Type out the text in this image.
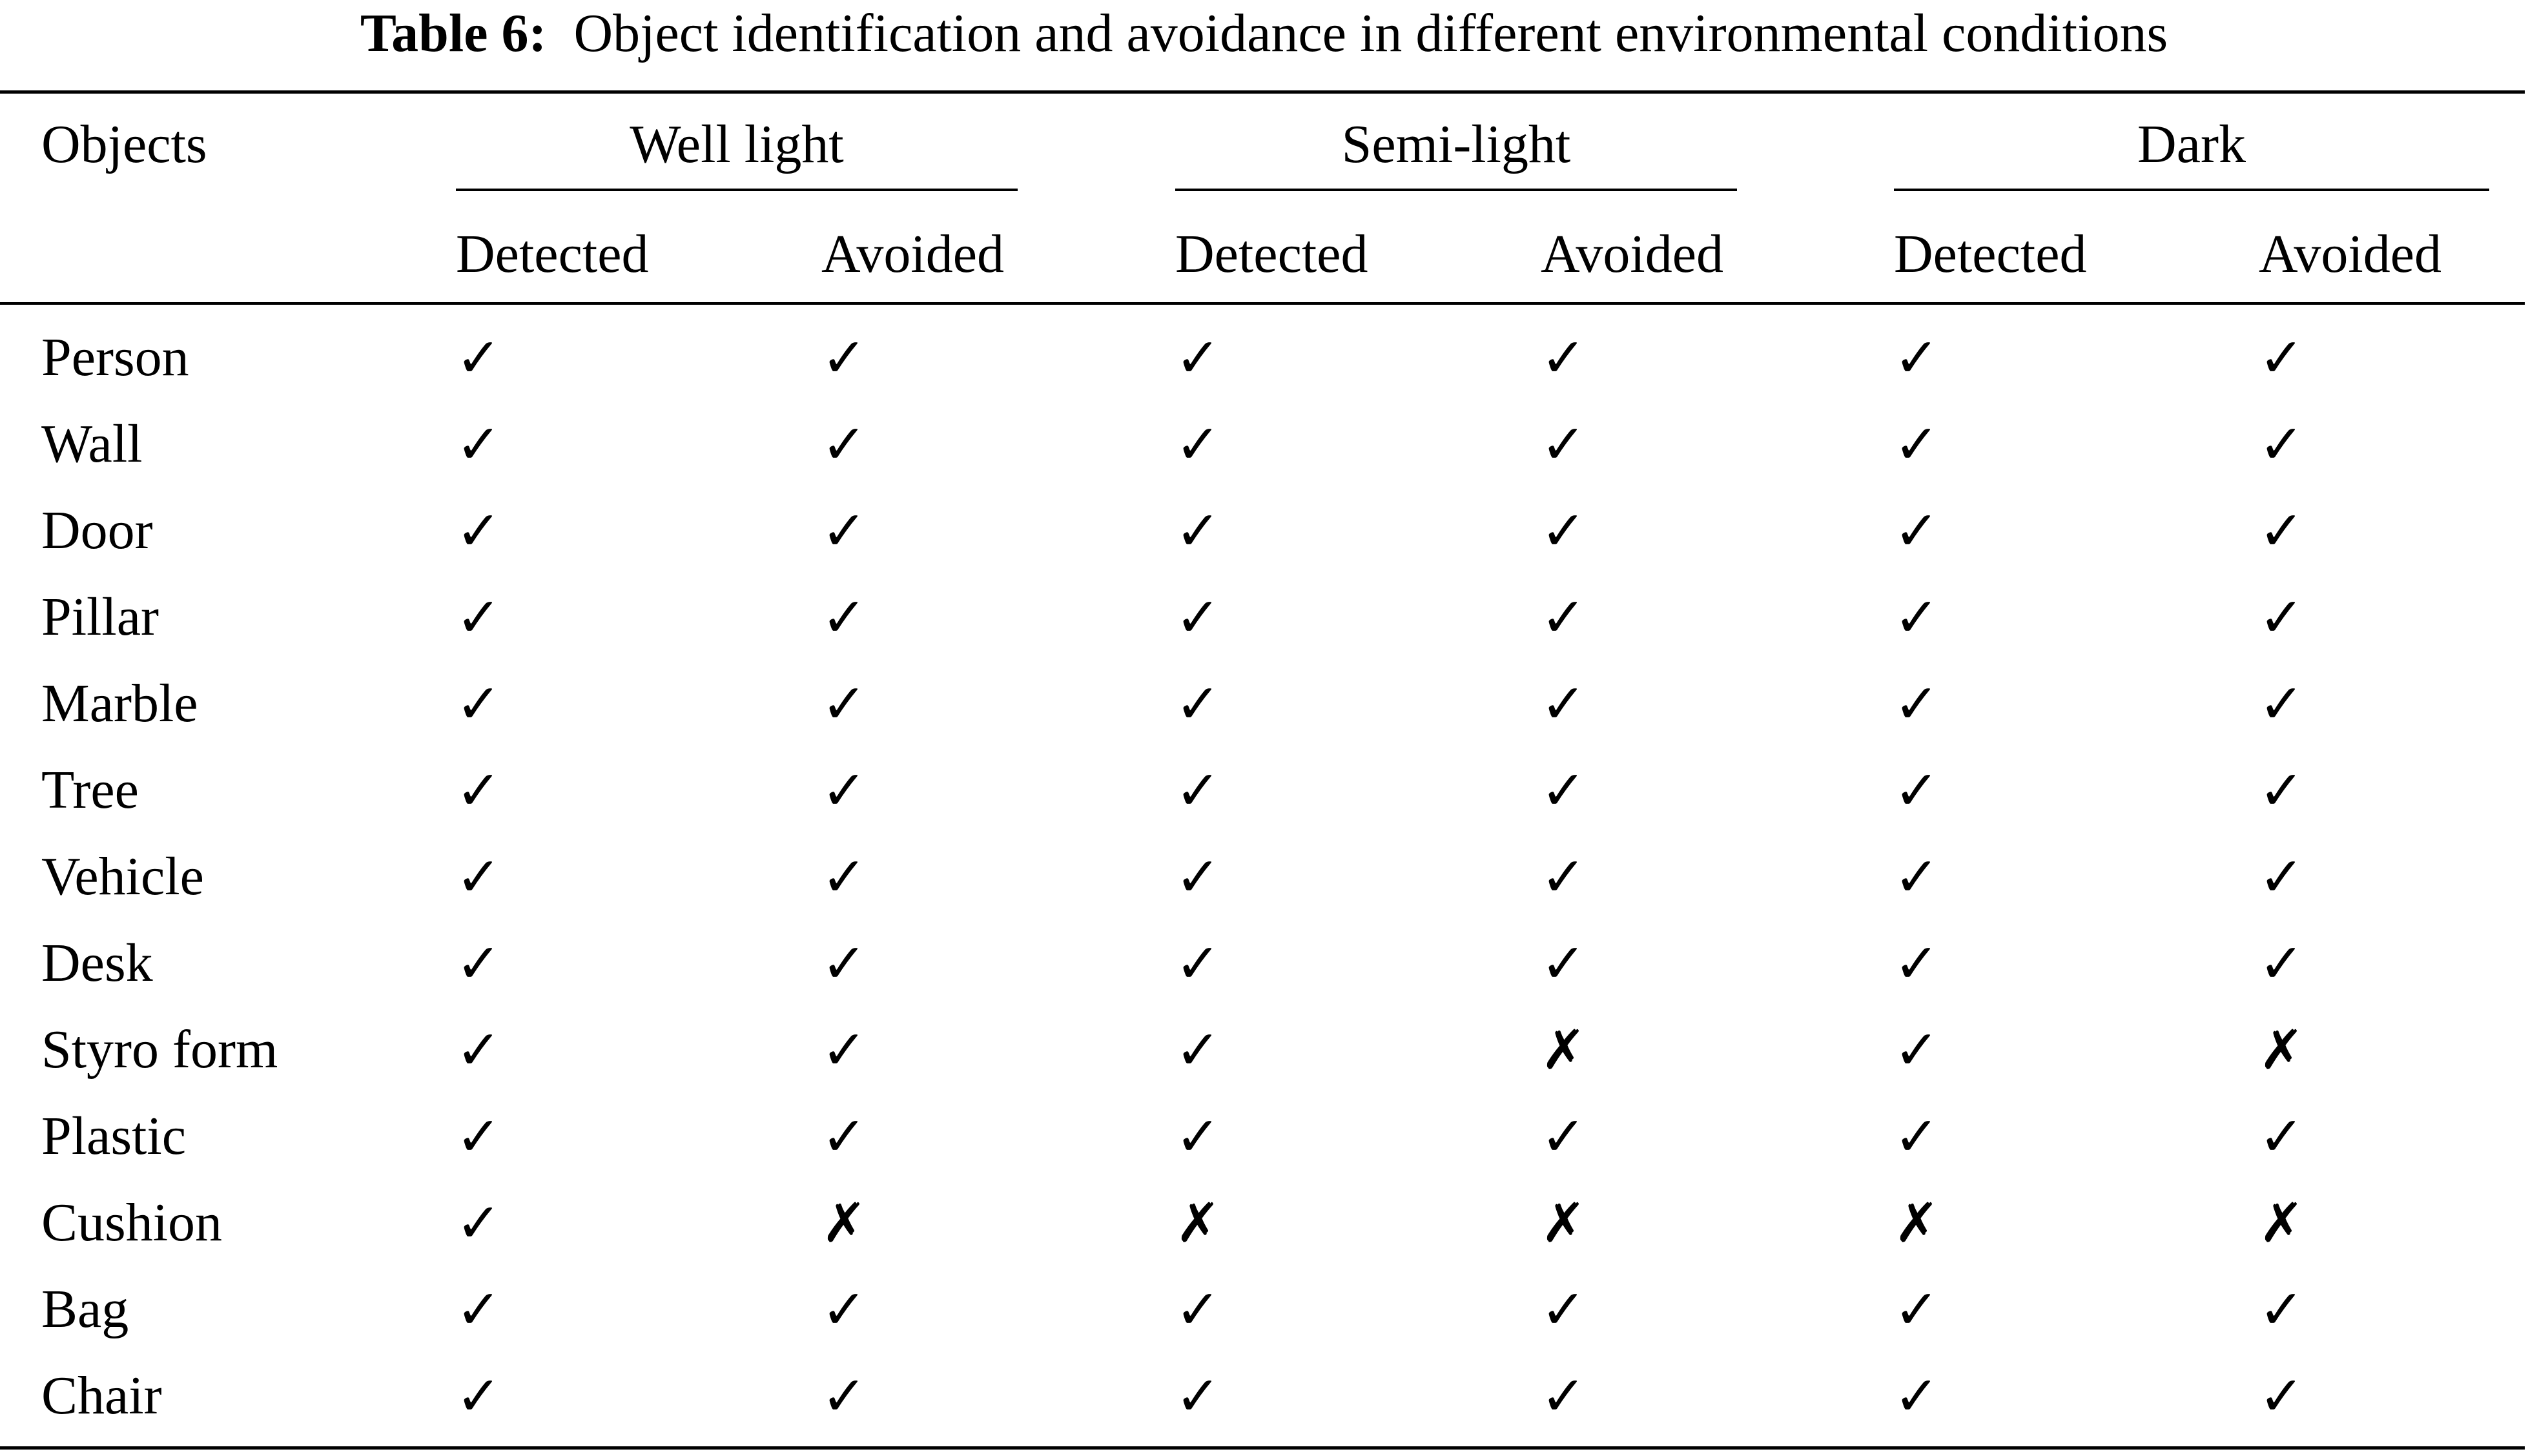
Table 6: Object identification and avoidance in different environmental conditions
Objects	Well light	Semi-light	Dark
Detected	Avoided	Detected	Avoided	Detected	Avoided
Person	✓	✓	✓	✓	✓	✓
Wall	✓	✓	✓	✓	✓	✓
Door	✓	✓	✓	✓	✓	✓
Pillar	✓	✓	✓	✓	✓	✓
Marble	✓	✓	✓	✓	✓	✓
Tree	✓	✓	✓	✓	✓	✓
Vehicle	✓	✓	✓	✓	✓	✓
Desk	✓	✓	✓	✓	✓	✓
Styro form	✓	✓	✓	✗	✓	✗
Plastic	✓	✓	✓	✓	✓	✓
Cushion	✓	✗	✗	✗	✗	✗
Bag	✓	✓	✓	✓	✓	✓
Chair	✓	✓	✓	✓	✓	✓
